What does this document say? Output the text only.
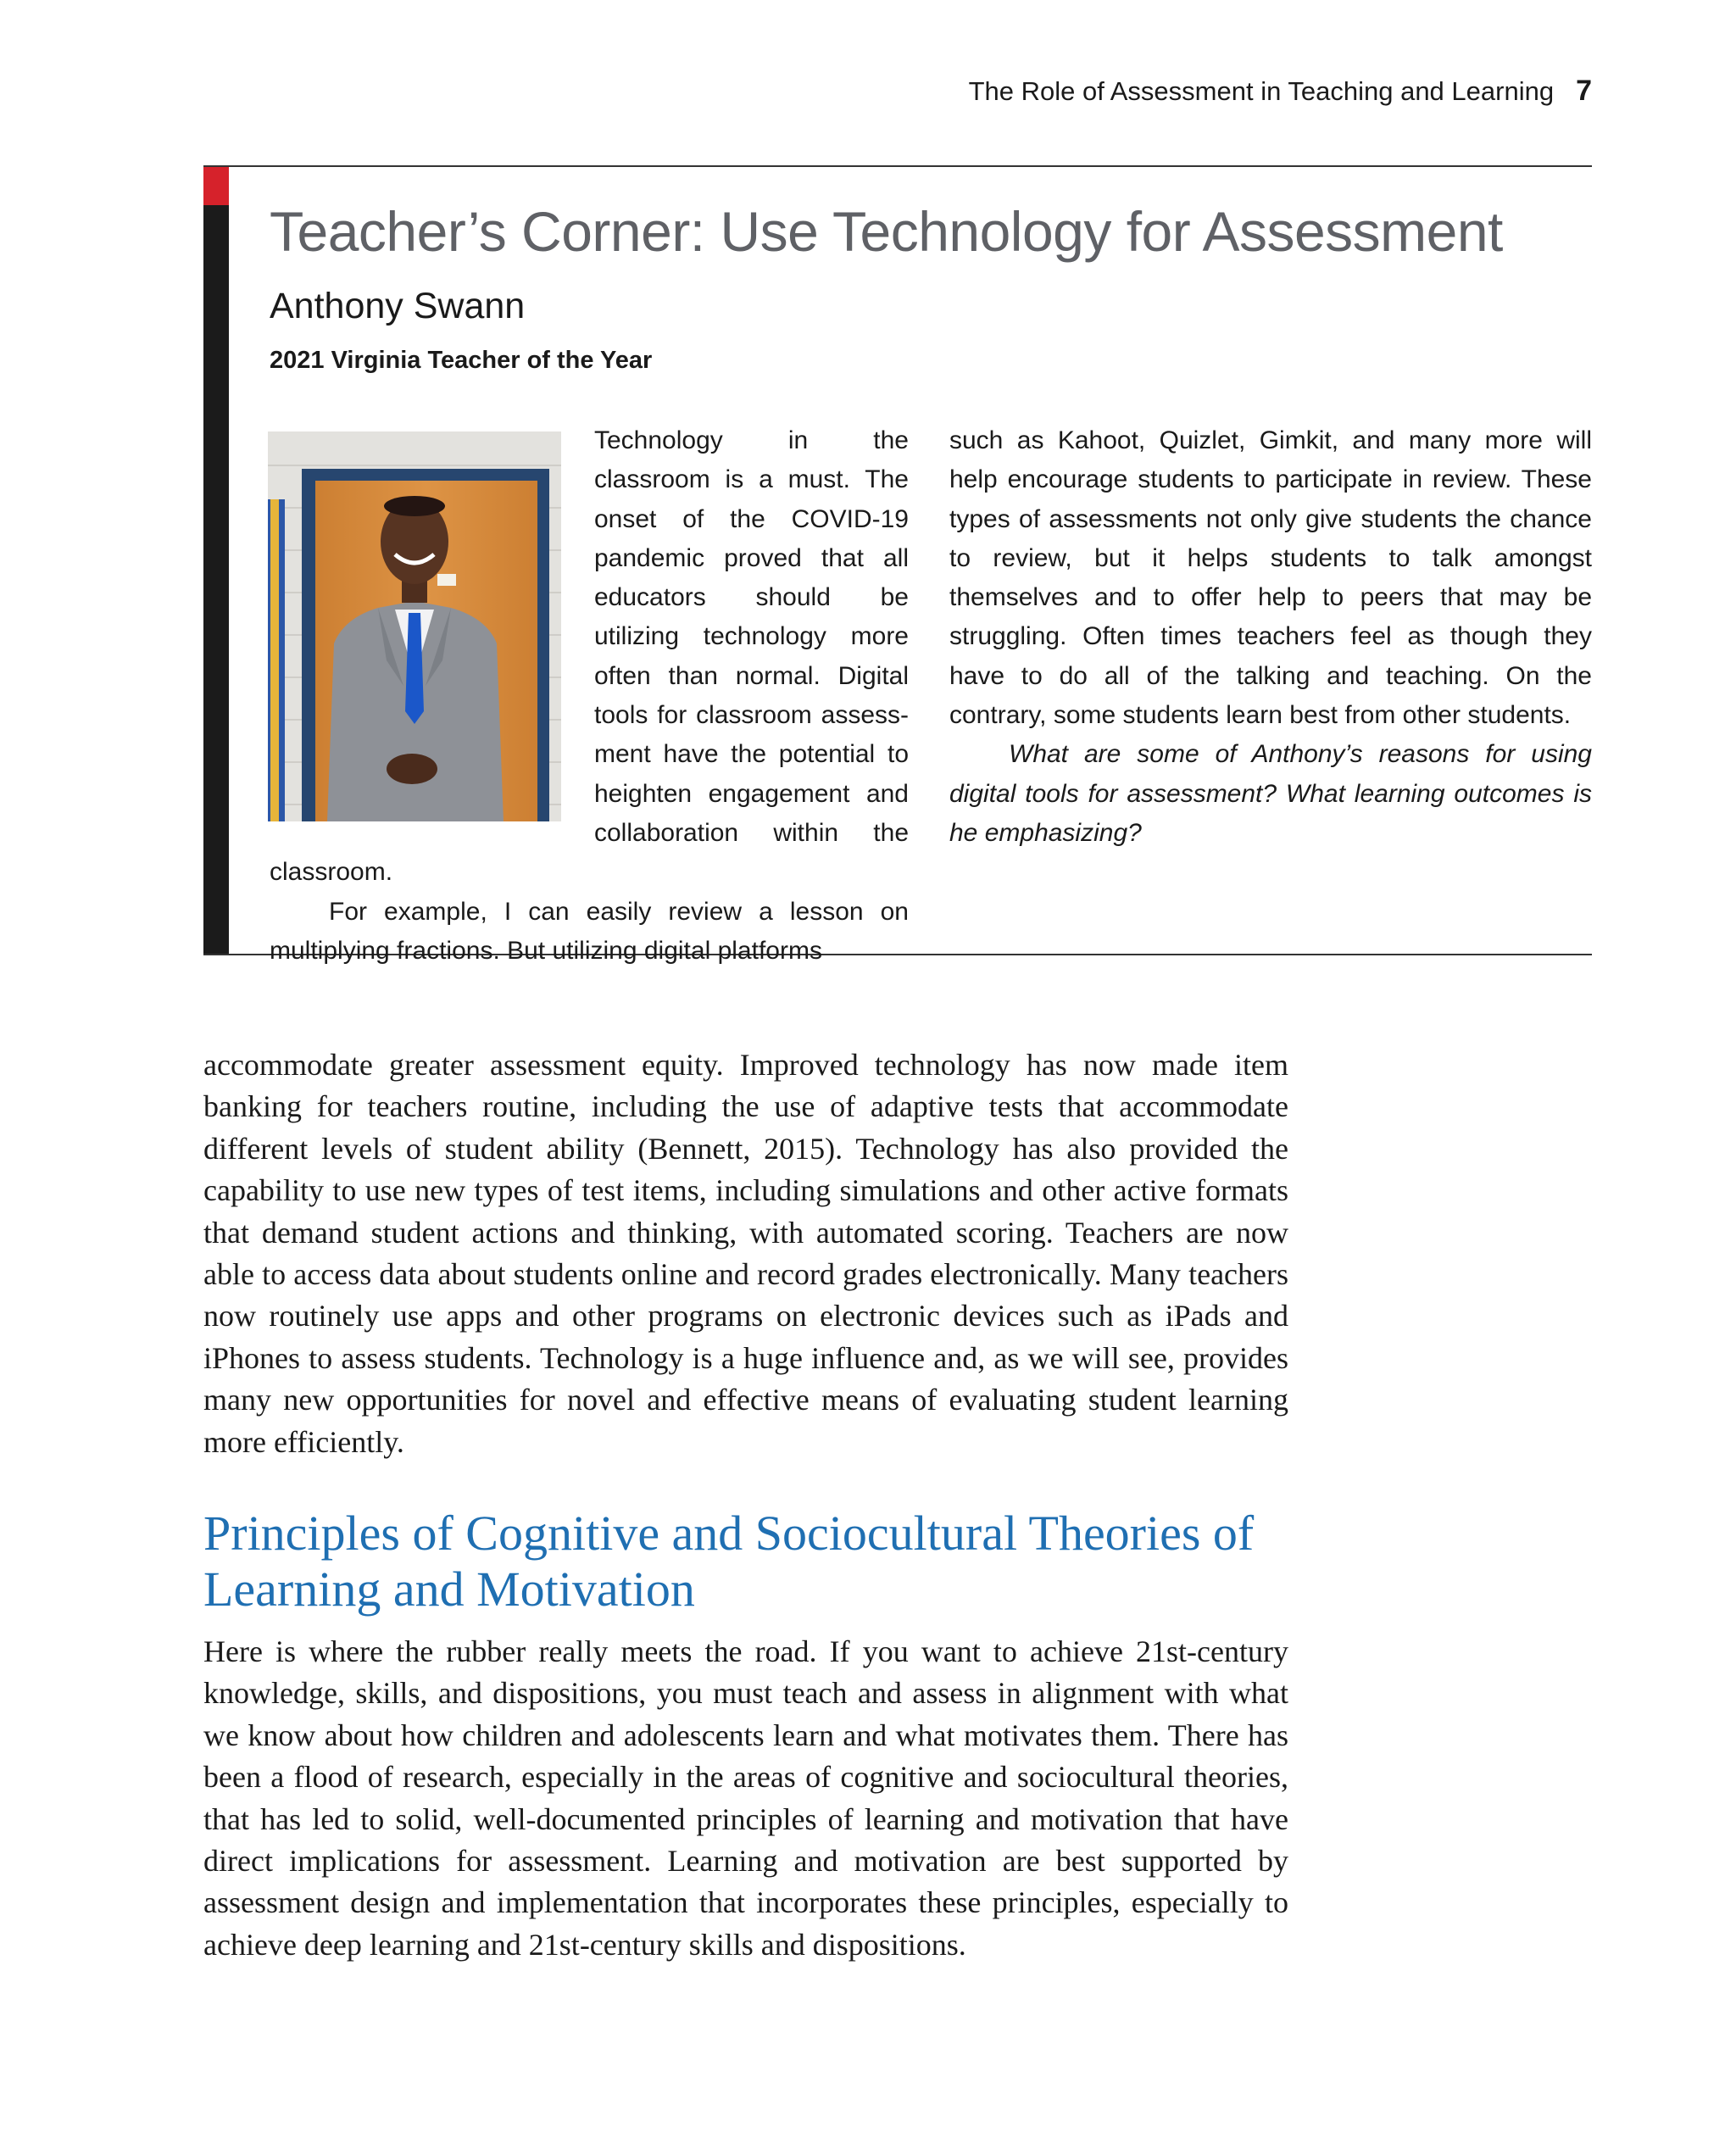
The Role of Assessment in Teaching and Learning 7
Teacher’s Corner: Use Technology for Assessment
Anthony Swann
2021 Virginia Teacher of the Year

Technology in the classroom is a must. The onset of the COVID-19 pandemic proved that all educators should be utilizing technology more often than normal. Digital tools for classroom assessment have the potential to heighten engagement and collaboration within the classroom.

For example, I can easily review a lesson on multiplying fractions. But utilizing digital platforms

such as Kahoot, Quizlet, Gimkit, and many more will help encourage students to participate in review. These types of assessments not only give students the chance to review, but it helps students to talk amongst themselves and to offer help to peers that may be struggling. Often times teachers feel as though they have to do all of the talking and teaching. On the contrary, some students learn best from other students.

What are some of Anthony’s reasons for using digital tools for assessment? What learning outcomes is he emphasizing?

accommodate greater assessment equity. Improved technology has now made item banking for teachers routine, including the use of adaptive tests that accommodate different levels of student ability (Bennett, 2015). Technology has also provided the capability to use new types of test items, including simulations and other active formats that demand student actions and thinking, with automated scoring. Teachers are now able to access data about students online and record grades electronically. Many teachers now routinely use apps and other programs on electronic devices such as iPads and iPhones to assess students. Technology is a huge influence and, as we will see, provides many new opportunities for novel and effective means of evaluating student learning more efficiently.

Principles of Cognitive and Sociocultural Theories of Learning and Motivation

Here is where the rubber really meets the road. If you want to achieve 21st-century knowledge, skills, and dispositions, you must teach and assess in alignment with what we know about how children and adolescents learn and what motivates them. There has been a flood of research, especially in the areas of cognitive and sociocultural theories, that has led to solid, well-documented principles of learning and motivation that have direct implications for assessment. Learning and motivation are best supported by assessment design and implementation that incorporates these principles, especially to achieve deep learning and 21st-century skills and dispositions.
